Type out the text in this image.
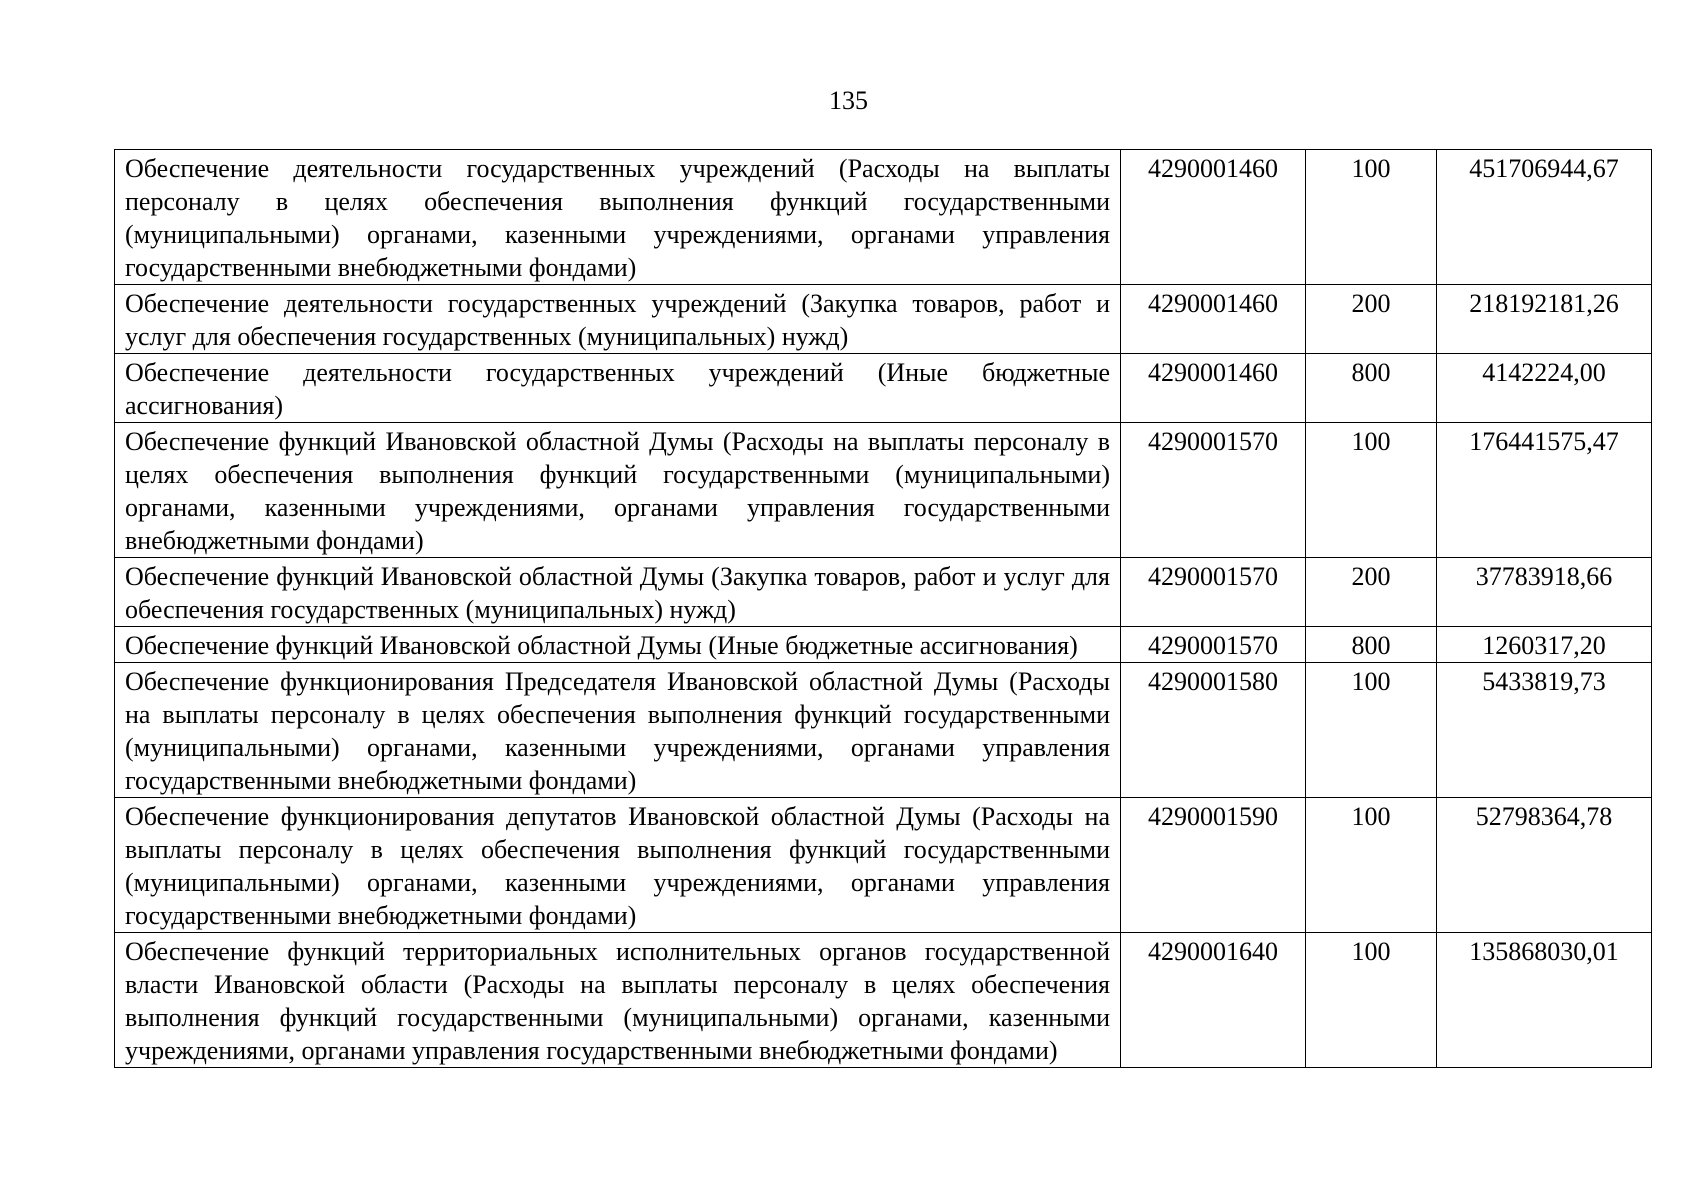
135
Обеспечение деятельности государственных учреждений (Расходы на выплаты персоналу в целях обеспечения выполнения функций государственными (муниципальными) органами, казенными учреждениями, органами управления государственными внебюджетными фондами)	4290001460	100	451706944,67
Обеспечение деятельности государственных учреждений (Закупка товаров, работ и услуг для обеспечения государственных (муниципальных) нужд)	4290001460	200	218192181,26
Обеспечение деятельности государственных учреждений (Иные бюджетные ассигнования)	4290001460	800	4142224,00
Обеспечение функций Ивановской областной Думы (Расходы на выплаты персоналу в целях обеспечения выполнения функций государственными (муниципальными) органами, казенными учреждениями, органами управления государственными внебюджетными фондами)	4290001570	100	176441575,47
Обеспечение функций Ивановской областной Думы (Закупка товаров, работ и услуг для обеспечения государственных (муниципальных) нужд)	4290001570	200	37783918,66
Обеспечение функций Ивановской областной Думы (Иные бюджетные ассигнования)	4290001570	800	1260317,20
Обеспечение функционирования Председателя Ивановской областной Думы (Расходы на выплаты персоналу в целях обеспечения выполнения функций государственными (муниципальными) органами, казенными учреждениями, органами управления государственными внебюджетными фондами)	4290001580	100	5433819,73
Обеспечение функционирования депутатов Ивановской областной Думы (Расходы на выплаты персоналу в целях обеспечения выполнения функций государственными (муниципальными) органами, казенными учреждениями, органами управления государственными внебюджетными фондами)	4290001590	100	52798364,78
Обеспечение функций территориальных исполнительных органов государственной власти Ивановской области (Расходы на выплаты персоналу в целях обеспечения выполнения функций государственными (муниципальными) органами, казенными учреждениями, органами управления государственными внебюджетными фондами)	4290001640	100	135868030,01
